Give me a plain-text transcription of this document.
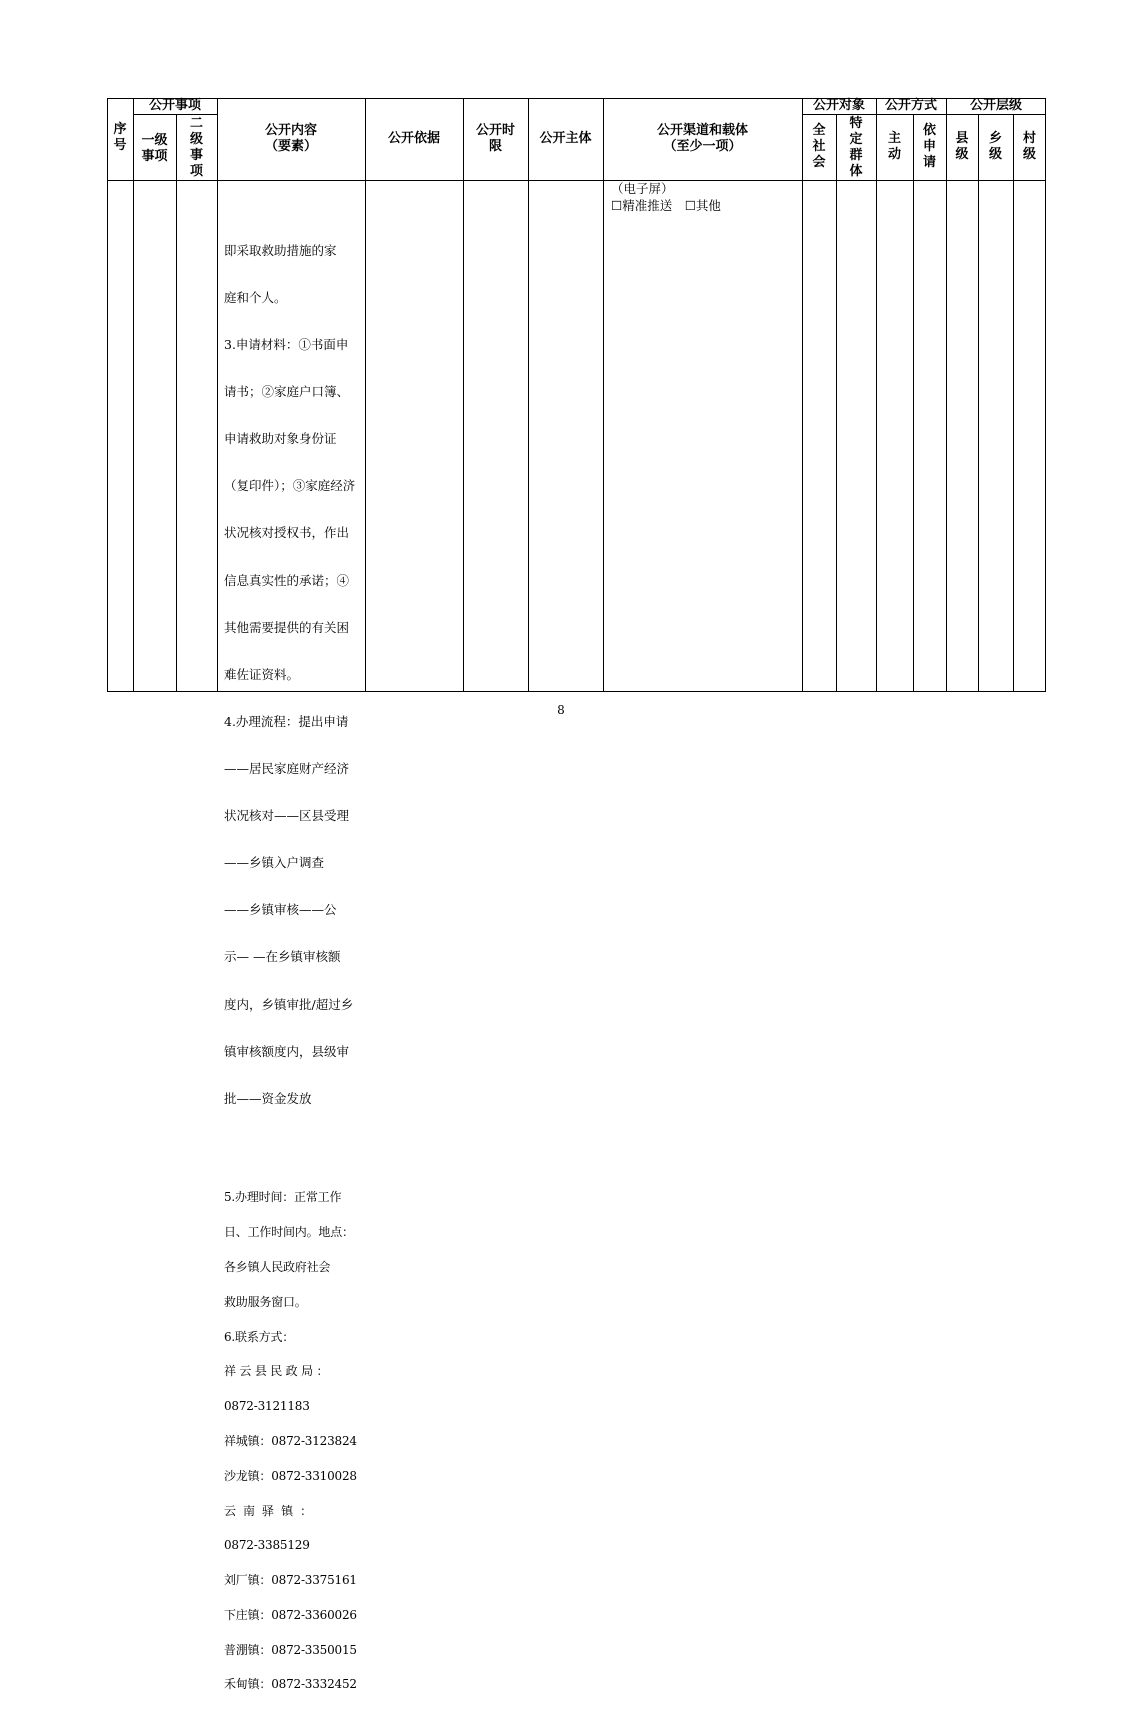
序
号
公开事项
一级
事项
二
级
事
项
公开内容
（要素）
公开依据
公开时
限
公开主体
公开渠道和载体
（至少一项）
公开对象
全
社
会
特
定
群
体
公开方式
主
动
依
申
请
公开层级
县
级
乡
级
村
级

即采取救助措施的家

庭和个人。

3.申请材料：①书面申

请书；②家庭户口簿、

申请救助对象身份证

（复印件）；③家庭经济

状况核对授权书，作出

信息真实性的承诺；④

其他需要提供的有关困

难佐证资料。

4.办理流程：提出申请

——居民家庭财产经济

状况核对——区县受理

——乡镇入户调查

——乡镇审核——公

示— —在乡镇审核额

度内，乡镇审批/超过乡

镇审核额度内，县级审

批——资金发放

5.办理时间：正常工作

日、工作时间内。地点：

各乡镇人民政府社会

救助服务窗口。

6.联系方式：

祥 云 县 民 政 局 ：

0872-3121183

祥城镇：0872-3123824

沙龙镇：0872-3310028

云  南  驿  镇  ：

0872-3385129

刘厂镇：0872-3375161

下庄镇：0872-3360026

普淜镇：0872-3350015

禾甸镇：0872-3332452

（电子屏）
☐精准推送　☐其他
8
